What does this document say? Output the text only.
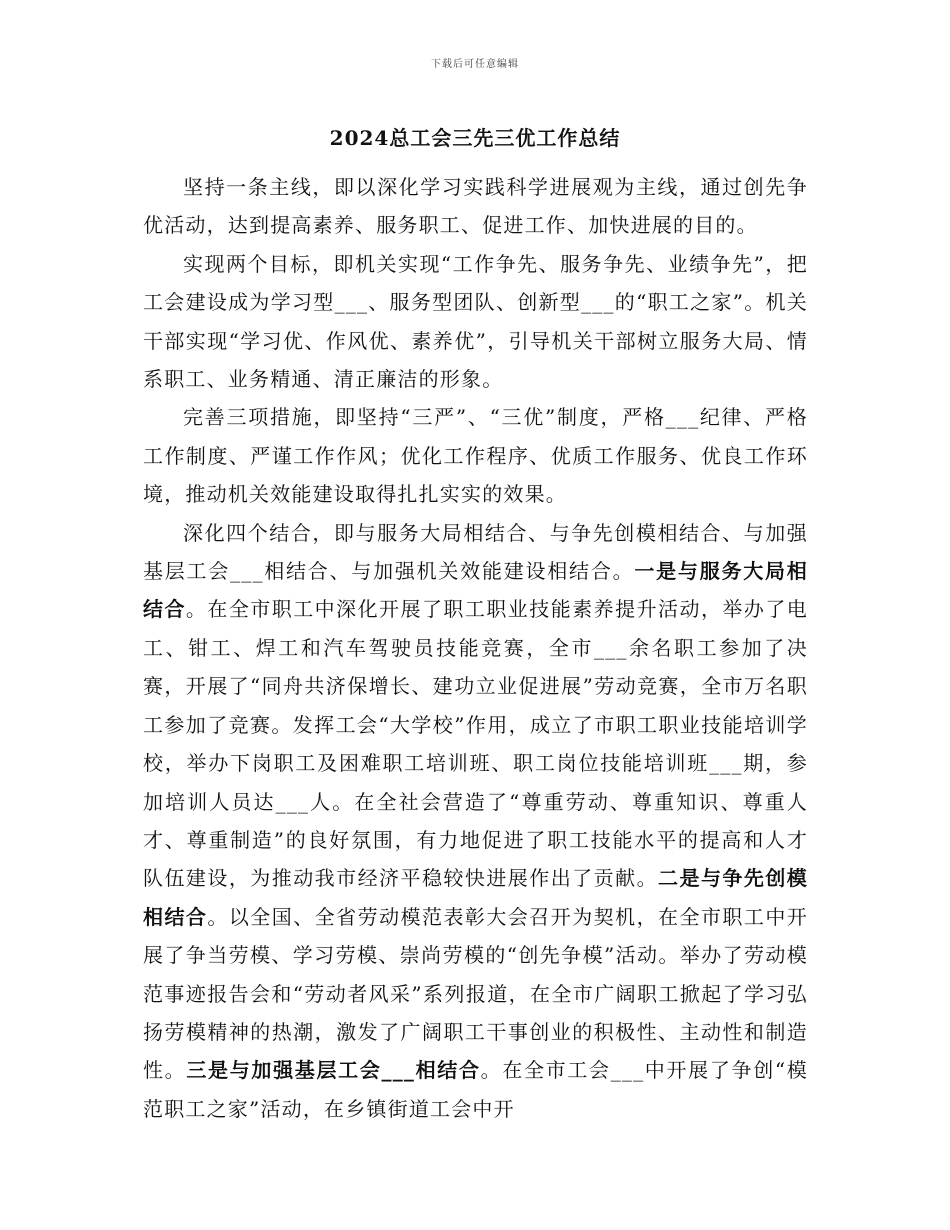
下载后可任意编辑
2024总工会三先三优工作总结

坚持一条主线，即以深化学习实践科学进展观为主线，通过创先争优活动，达到提高素养、服务职工、促进工作、加快进展的目的。

实现两个目标，即机关实现“工作争先、服务争先、业绩争先”，把工会建设成为学习型___、服务型团队、创新型___的“职工之家”。机关干部实现“学习优、作风优、素养优”，引导机关干部树立服务大局、情系职工、业务精通、清正廉洁的形象。

完善三项措施，即坚持“三严”、“三优”制度，严格___纪律、严格工作制度、严谨工作作风；优化工作程序、优质工作服务、优良工作环境，推动机关效能建设取得扎扎实实的效果。

深化四个结合，即与服务大局相结合、与争先创模相结合、与加强基层工会___相结合、与加强机关效能建设相结合。一是与服务大局相结合。在全市职工中深化开展了职工职业技能素养提升活动，举办了电工、钳工、焊工和汽车驾驶员技能竞赛，全市___余名职工参加了决赛，开展了“同舟共济保增长、建功立业促进展”劳动竞赛，全市万名职工参加了竞赛。发挥工会“大学校”作用，成立了市职工职业技能培训学校，举办下岗职工及困难职工培训班、职工岗位技能培训班___期，参加培训人员达___人。在全社会营造了“尊重劳动、尊重知识、尊重人才、尊重制造”的良好氛围，有力地促进了职工技能水平的提高和人才队伍建设，为推动我市经济平稳较快进展作出了贡献。二是与争先创模相结合。以全国、全省劳动模范表彰大会召开为契机，在全市职工中开展了争当劳模、学习劳模、崇尚劳模的“创先争模”活动。举办了劳动模范事迹报告会和“劳动者风采”系列报道，在全市广阔职工掀起了学习弘扬劳模精神的热潮，激发了广阔职工干事创业的积极性、主动性和制造性。三是与加强基层工会___相结合。在全市工会___中开展了争创“模范职工之家”活动，在乡镇街道工会中开
